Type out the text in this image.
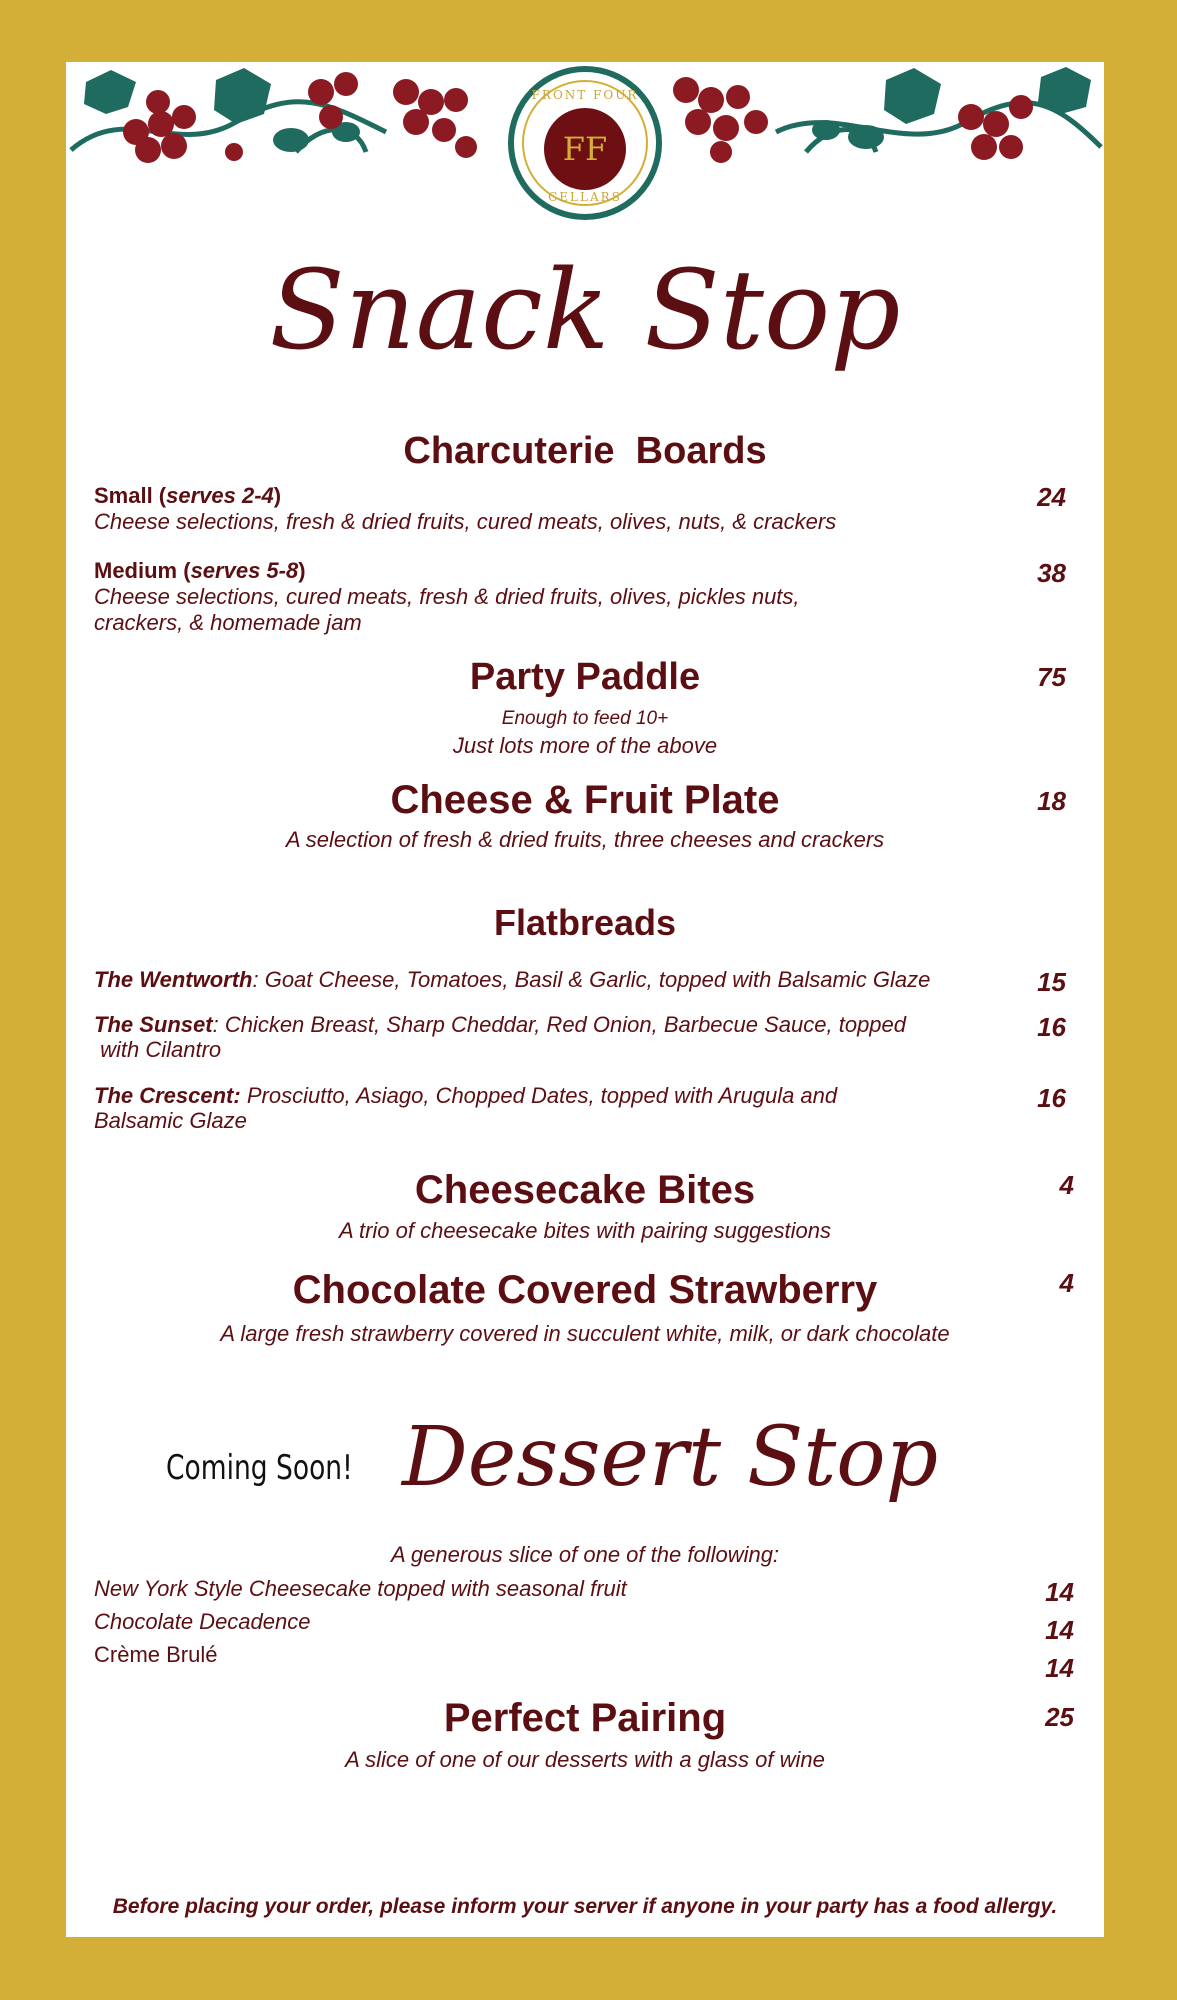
FRONT FOUR
FF
CELLARS
Snack Stop
Charcuterie  Boards
Small (serves 2-4)
Cheese selections, fresh & dried fruits, cured meats, olives, nuts, & crackers
24
Medium (serves 5-8)
Cheese selections, cured meats, fresh & dried fruits, olives, pickles nuts,
crackers, & homemade jam
38
Party Paddle	75
Enough to feed 10+
Just lots more of the above
Cheese & Fruit Plate	18
A selection of fresh & dried fruits, three cheeses and crackers
Flatbreads
The Wentworth: Goat Cheese, Tomatoes, Basil & Garlic, topped with Balsamic Glaze	15
The Sunset: Chicken Breast, Sharp Cheddar, Red Onion, Barbecue Sauce, topped
with Cilantro
16
The Crescent: Prosciutto, Asiago, Chopped Dates, topped with Arugula and
Balsamic Glaze
16
Cheesecake Bites	4
A trio of cheesecake bites with pairing suggestions
Chocolate Covered Strawberry	4
A large fresh strawberry covered in succulent white, milk, or dark chocolate
Coming Soon! Dessert Stop
A generous slice of one of the following:
New York Style Cheesecake topped with seasonal fruit	14
Chocolate Decadence	14
Crème Brulé	14
Perfect Pairing	25
A slice of one of our desserts with a glass of wine
Before placing your order, please inform your server if anyone in your party has a food allergy.
